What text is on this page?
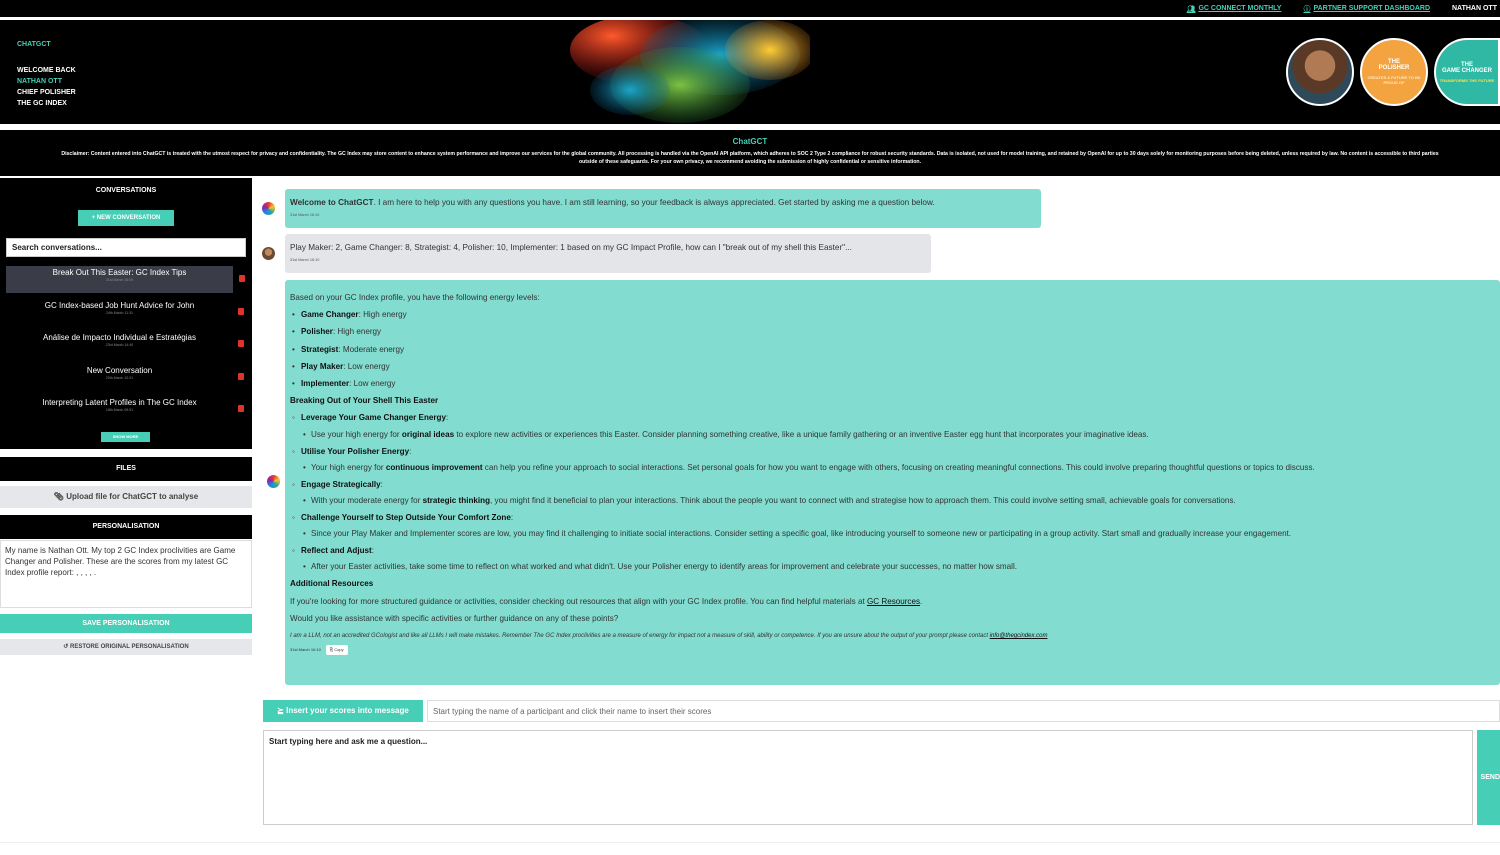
👥︎ GC CONNECT MONTHLY	ⓘ PARTNER SUPPORT DASHBOARD	NATHAN OTT
CHATGCT
WELCOME BACK
NATHAN OTT
CHIEF POLISHER
THE GC INDEX
THE
POLISHER
CREATES A FUTURE TO BE PROUD OF
THE
GAME CHANGER
TRANSFORMS THE FUTURE
ChatGCT
Disclaimer: Content entered into ChatGCT is treated with the utmost respect for privacy and confidentiality. The GC Index may store content to enhance system performance and improve our services for the global community. All processing is handled via the OpenAI API platform, which adheres to SOC 2 Type 2 compliance for robust security standards. Data is isolated, not used for model training, and retained by OpenAI for up to 30 days solely for monitoring purposes before being deleted, unless required by law. No content is accessible to third parties outside of these safeguards. For your own privacy, we recommend avoiding the submission of highly confidential or sensitive information.
CONVERSATIONS
+ NEW CONVERSATION
Search conversations...
Break Out This Easter: GC Index Tips
31st March 16:09
GC Index-based Job Hunt Advice for John
24th March 11:31
Análise de Impacto Individual e Estratégias
23rd March 14:40
New Conversation
20th March 10:21
Interpreting Latent Profiles in The GC Index
18th March 09:51
SHOW MORE
FILES
📎︎ Upload file for ChatGCT to analyse
PERSONALISATION
My name is Nathan Ott. My top 2 GC Index proclivities are Game Changer and Polisher. These are the scores from my latest GC Index profile report: , , , , .
SAVE PERSONALISATION
↺ RESTORE ORIGINAL PERSONALISATION
Welcome to ChatGCT. I am here to help you with any questions you have. I am still learning, so your feedback is always appreciated. Get started by asking me a question below.
31st March 16:10
Play Maker: 2, Game Changer: 8, Strategist: 4, Polisher: 10, Implementer: 1 based on my GC Impact Profile, how can I "break out of my shell this Easter"...
31st March 16:10
Based on your GC Index profile, you have the following energy levels:
• Game Changer: High energy
• Polisher: High energy
• Strategist: Moderate energy
• Play Maker: Low energy
• Implementer: Low energy
Breaking Out of Your Shell This Easter
◦ Leverage Your Game Changer Energy:
• Use your high energy for original ideas to explore new activities or experiences this Easter. Consider planning something creative, like a unique family gathering or an inventive Easter egg hunt that incorporates your imaginative ideas.
◦ Utilise Your Polisher Energy:
• Your high energy for continuous improvement can help you refine your approach to social interactions. Set personal goals for how you want to engage with others, focusing on creating meaningful connections. This could involve preparing thoughtful questions or topics to discuss.
◦ Engage Strategically:
• With your moderate energy for strategic thinking, you might find it beneficial to plan your interactions. Think about the people you want to connect with and strategise how to approach them. This could involve setting small, achievable goals for conversations.
◦ Challenge Yourself to Step Outside Your Comfort Zone:
• Since your Play Maker and Implementer scores are low, you may find it challenging to initiate social interactions. Consider setting a specific goal, like introducing yourself to someone new or participating in a group activity. Start small and gradually increase your engagement.
◦ Reflect and Adjust:
• After your Easter activities, take some time to reflect on what worked and what didn't. Use your Polisher energy to identify areas for improvement and celebrate your successes, no matter how small.
Additional Resources
If you're looking for more structured guidance or activities, consider checking out resources that align with your GC Index profile. You can find helpful materials at GC Resources.
Would you like assistance with specific activities or further guidance on any of these points?
I am a LLM, not an accredited GCologist and like all LLMs I will make mistakes. Remember The GC Index proclivities are a measure of energy for impact not a measure of skill, ability or competence. If you are unsure about the output of your prompt please contact info@thegcindex.com
31st March 16:10	⎘ Copy
⪴ Insert your scores into message	Start typing the name of a participant and click their name to insert their scores
Start typing here and ask me a question...
SEND
